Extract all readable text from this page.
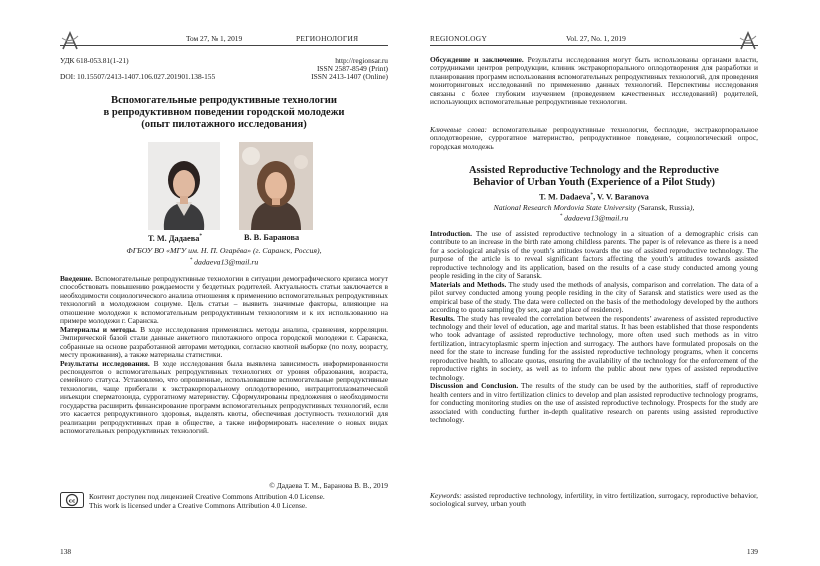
Том 27, № 1, 2019	РЕГИОНОЛОГИЯ
УДК 618-053.81(1-21)	http://regionsar.ru
ISSN 2587-8549 (Print)
DOI: 10.15507/2413-1407.106.027.201901.138-155	ISSN 2413-1407 (Online)
Вспомогательные репродуктивные технологии
в репродуктивном поведении городской молодежи
(опыт пилотажного исследования)
Т. М. Дадаева*	В. В. Баранова
ФГБОУ ВО «МГУ им. Н. П. Огарёва» (г. Саранск, Россия),
* dadaeva13@mail.ru
Введение. Вспомогательные репродуктивные технологии в ситуации демографического кризиса могут способствовать повышению рождаемости у бездетных родителей. Актуальность статьи заключается в необходимости социологического анализа отношения к применению вспомогательных репродуктивных технологий в молодежном социуме. Цель статьи – выявить значимые факторы, влияющие на отношение молодежи к вспомогательным репродуктивным технологиям и к их использованию на примере молодежи г. Саранска.
Материалы и методы. В ходе исследования применялись методы анализа, сравнения, корреляции. Эмпирической базой стали данные анкетного пилотажного опроса городской молодежи г. Саранска, собранные на основе разработанной авторами методики, согласно квотной выборке (по полу, возрасту, месту проживания), а также материалы статистики.
Результаты исследования. В ходе исследования была выявлена зависимость информированности респондентов о вспомогательных репродуктивных технологиях от уровня образования, возраста, семейного статуса. Установлено, что опрошенные, использовавшие вспомогательные репродуктивные технологии, чаще прибегали к экстракорпоральному оплодотворению, интрацитоплазматической инъекции сперматозоида, суррогатному материнству. Сформулированы предложения о необходимости государства расширить финансирование программ вспомогательных репродуктивных технологий, если это касается репродуктивного здоровья, выделять квоты, обеспечивая доступность технологий для реализации репродуктивных прав в обществе, а также информировать население о новых видах вспомогательных репродуктивных технологий.
© Дадаева Т. М., Баранова В. В., 2019
cc
Контент доступен под лицензией Creative Commons Attribution 4.0 License.
This work is licensed under a Creative Commons Attribution 4.0 License.
138
REGIONOLOGY	Vol. 27, No. 1, 2019
Обсуждение и заключение. Результаты исследования могут быть использованы органами власти, сотрудниками центров репродукции, клиник экстракорпорального оплодотворения для разработки и планирования программ использования вспомогательных репродуктивных технологий, для проведения мониторинговых исследований по применению данных технологий. Перспективы исследования связаны с более глубоким изучением (проведением качественных исследований) родителей, использующих вспомогательные репродуктивные технологии.
Ключевые слова: вспомогательные репродуктивные технологии, бесплодие, экстракорпоральное оплодотворение, суррогатное материнство, репродуктивное поведение, социологический опрос, городская молодежь
Assisted Reproductive Technology and the Reproductive
Behavior of Urban Youth (Experience of a Pilot Study)
T. M. Dadaeva*, V. V. Baranova
National Research Mordovia State University (Saransk, Russia),
* dadaeva13@mail.ru
Introduction. The use of assisted reproductive technology in a situation of a demographic crisis can contribute to an increase in the birth rate among childless parents. The paper is of relevance as there is a need for a sociological analysis of the youth’s attitudes towards the use of assisted reproductive technology. The purpose of the article is to reveal significant factors affecting the youth’s attitudes towards assisted reproductive technology and its application, based on the results of a case study conducted among young people residing in the city of Saransk.
Materials and Methods. The study used the methods of analysis, comparison and correlation. The data of a pilot survey conducted among young people residing in the city of Saransk and statistics were used as the empirical base of the study. The data were collected on the basis of the methodology developed by the authors according to quota sampling (by sex, age and place of residence).
Results. The study has revealed the correlation between the respondents’ awareness of assisted reproductive technology and their level of education, age and marital status. It has been established that those respondents who took advantage of assisted reproductive technology, more often used such methods as in vitro fertilization, intracytoplasmic sperm injection and surrogacy. The authors have formulated proposals on the need for the state to increase funding for the assisted reproductive technology programs, when it concerns reproductive health, to allocate quotas, ensuring the availability of the technology for the enforcement of the reproductive rights in society, as well as to inform the public about new types of assisted reproductive technology.
Discussion and Conclusion. The results of the study can be used by the authorities, staff of reproductive health centers and in vitro fertilization clinics to develop and plan assisted reproductive technology programs, for conducting monitoring studies on the use of assisted reproductive technology. Prospects for the study are associated with conducting further in-depth qualitative research on parents using assisted reproductive technology.
Keywords: assisted reproductive technology, infertility, in vitro fertilization, surrogacy, reproductive behavior, sociological survey, urban youth
139
